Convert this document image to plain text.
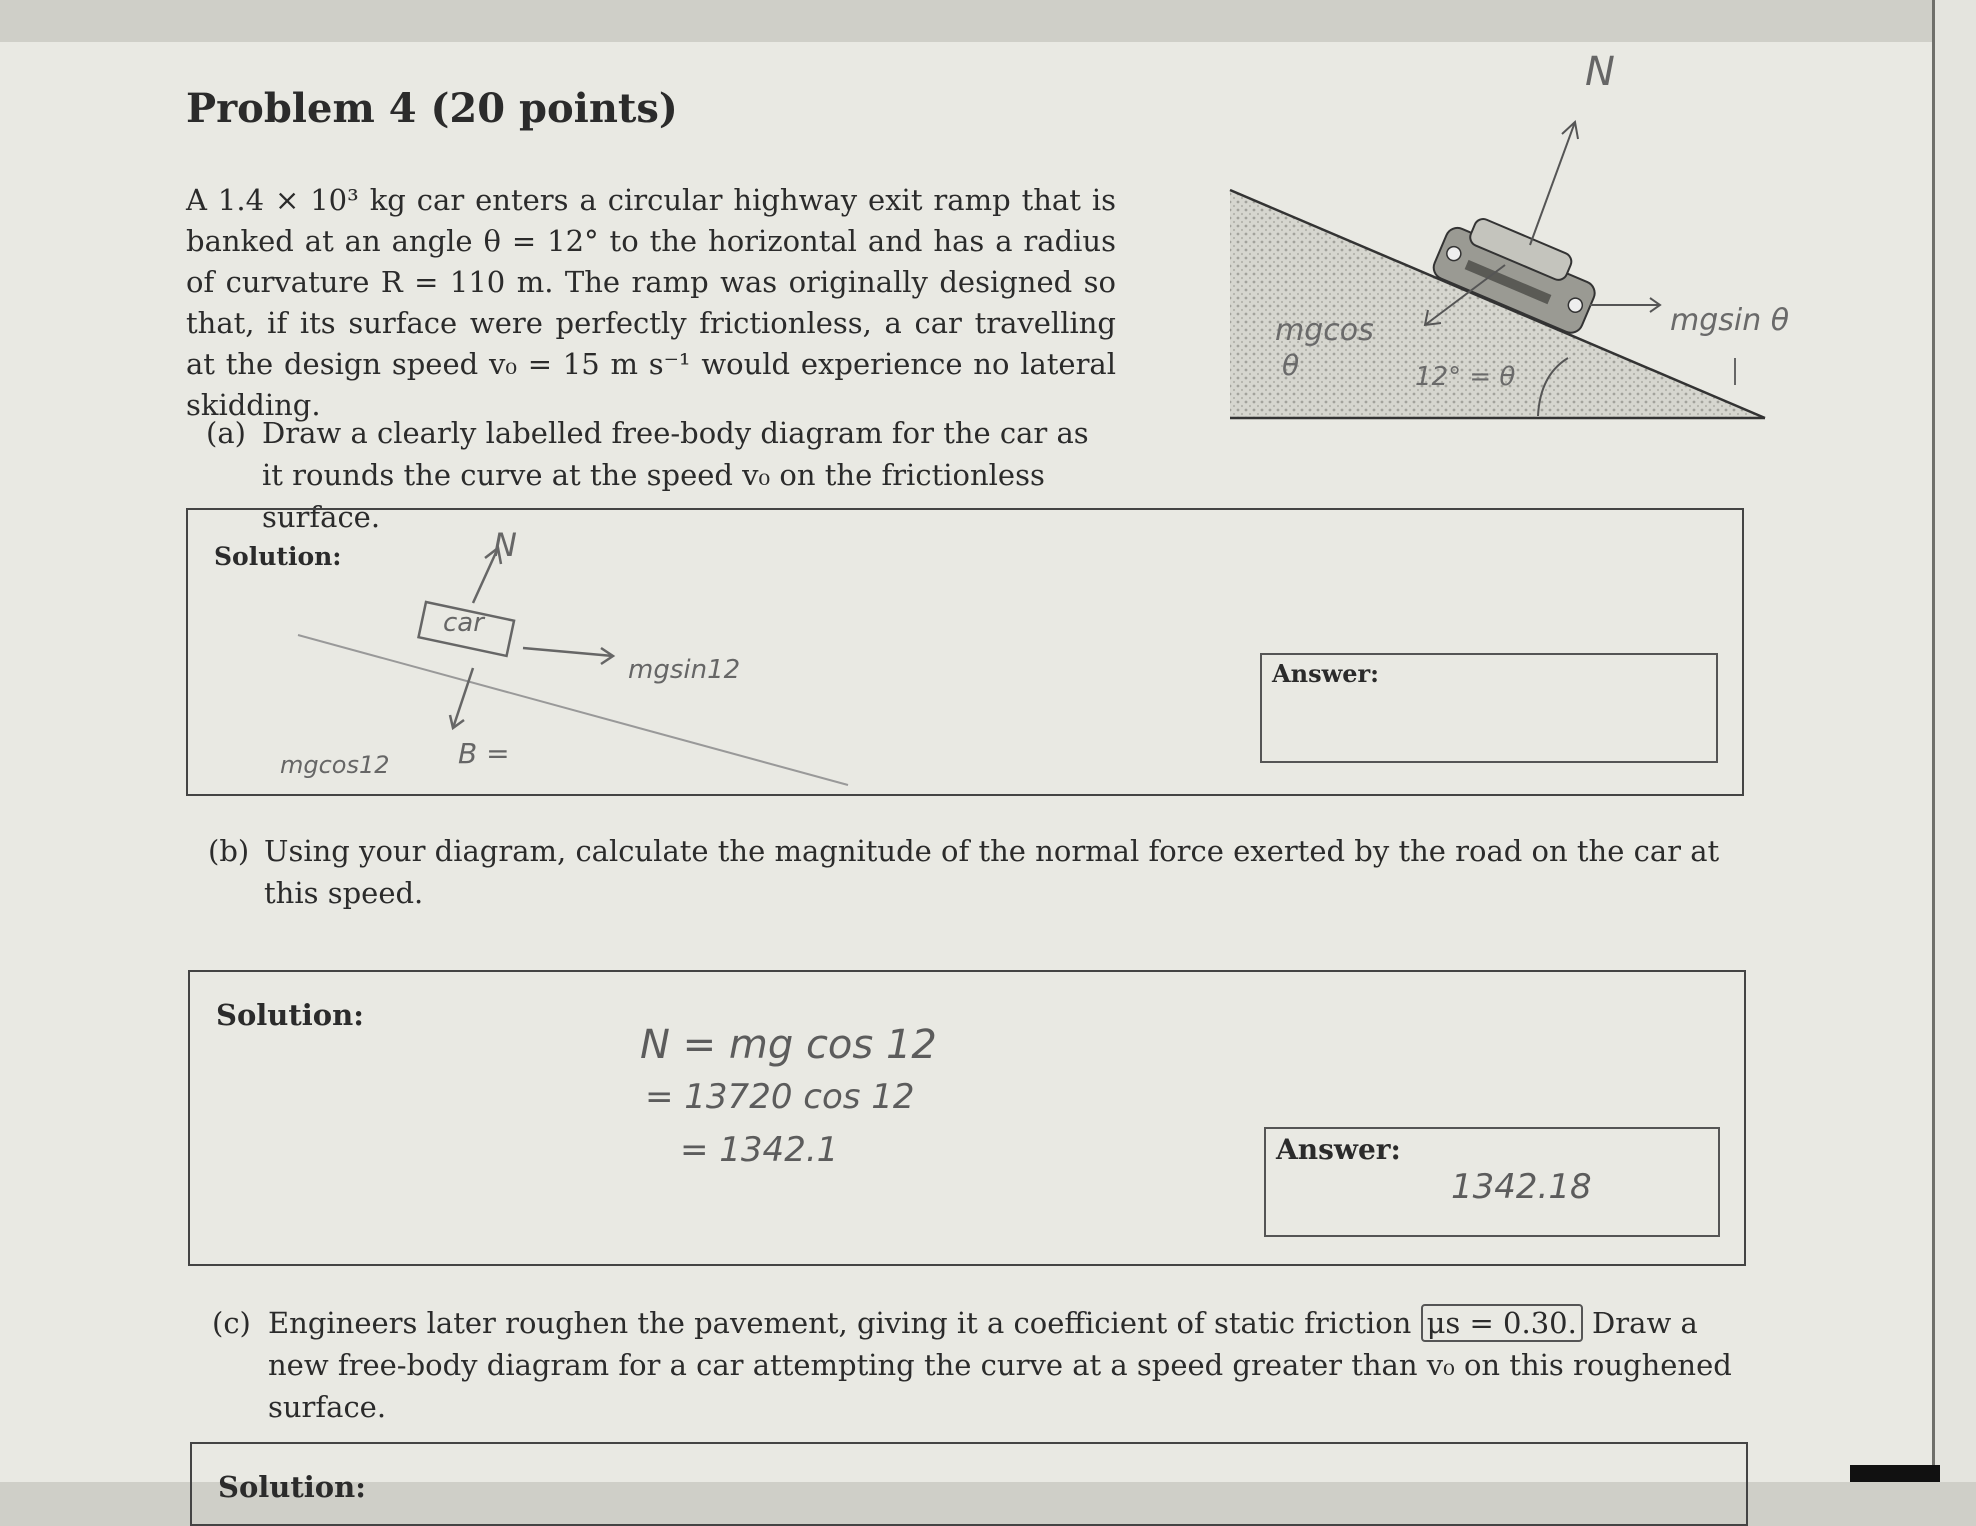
Problem 4 (20 points)

A 1.4 × 10³ kg car enters a circular highway exit ramp that is banked at an angle θ = 12° to the horizontal and has a radius of curvature R = 110 m. The ramp was originally designed so that, if its surface were perfectly frictionless, a car travelling at the design speed v₀ = 15 m s⁻¹ would experience no lateral skidding.

N
mgcos
θ
mgsin θ
12° = θ
(a) Draw a clearly labelled free-body diagram for the car as it rounds the curve at the speed v₀ on the frictionless surface.
Solution:
car
N
mgsin12
mgcos12 B =
Answer:
(b) Using your diagram, calculate the magnitude of the normal force exerted by the road on the car at this speed.
Solution:
N = mg cos 12
= 13720 cos 12
= 1342.1	Answer:
1342.18
(c) Engineers later roughen the pavement, giving it a coefficient of static friction μs = 0.30. Draw a new free-body diagram for a car attempting the curve at a speed greater than v₀ on this roughened surface.
Solution:
